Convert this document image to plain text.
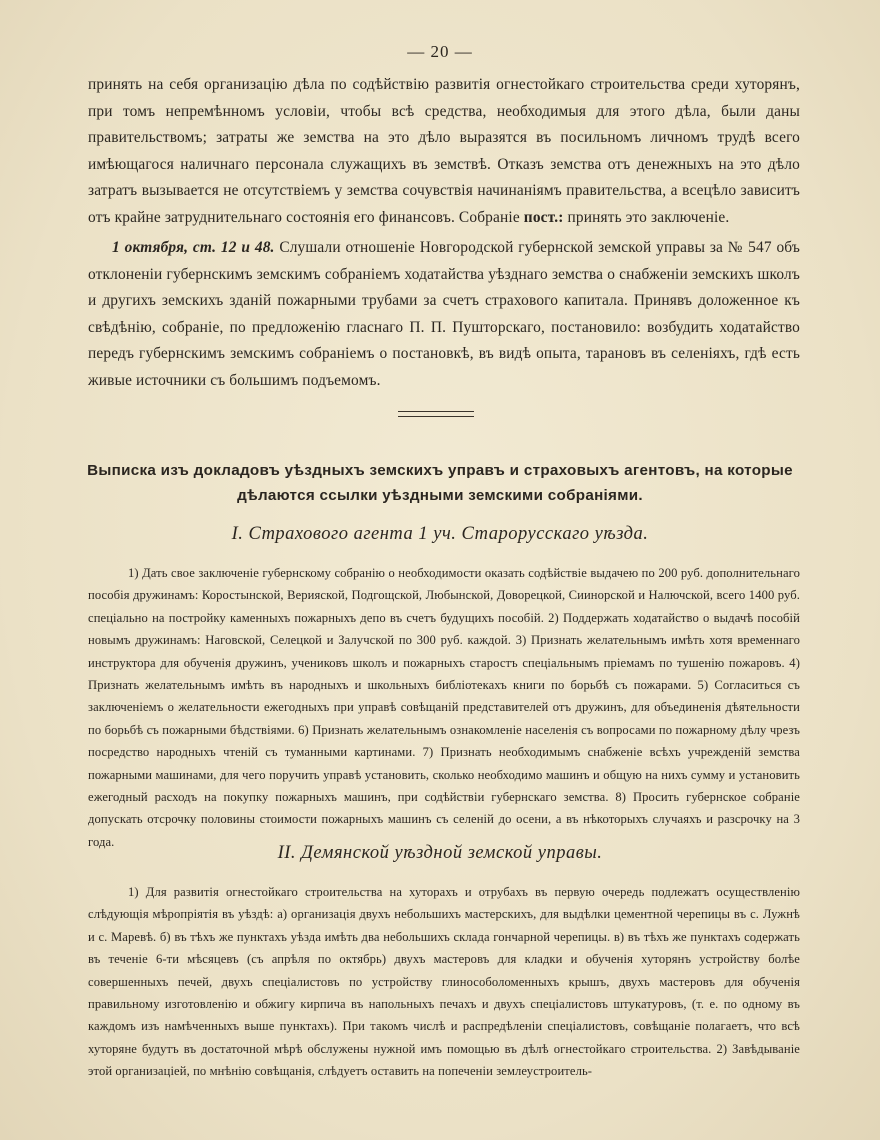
— 20 —
принять на себя организацію дѣла по содѣйствію развитія огнестойкаго строительства среди хуторянъ, при томъ непремѣнномъ условіи, чтобы всѣ средства, необходимыя для этого дѣла, были даны правительствомъ; затраты же земства на это дѣло выразятся въ посильномъ личномъ трудѣ всего имѣющагося наличнаго персонала служащихъ въ земствѣ. Отказъ земства отъ денежныхъ на это дѣло затратъ вызывается не отсутствіемъ у земства сочувствія начинаніямъ правительства, а всецѣло зависитъ отъ крайне затруднительнаго состоянія его финансовъ. Собраніе пост.: принять это заключеніе.
1 октября, ст. 12 и 48. Слушали отношеніе Новгородской губернской земской управы за № 547 объ отклоненіи губернскимъ земскимъ собраніемъ ходатайства уѣзднаго земства о снабженіи земскихъ школъ и другихъ земскихъ зданій пожарными трубами за счетъ страхового капитала. Принявъ доложенное къ свѣдѣнію, собраніе, по предложенію гласнаго П. П. Пушторскаго, постановило: возбудить ходатайство передъ губернскимъ земскимъ собраніемъ о постановкѣ, въ видѣ опыта, тарановъ въ селеніяхъ, гдѣ есть живые источники съ большимъ подъемомъ.
Выписка изъ докладовъ уѣздныхъ земскихъ управъ и страховыхъ агентовъ, на которые дѣлаются ссылки уѣздными земскими собраніями.
I. Страхового агента 1 уч. Старорусскаго уѣзда.
1) Дать свое заключеніе губернскому собранію о необходимости оказать содѣйствіе выдачею по 200 руб. дополнительнаго пособія дружинамъ: Коростынской, Верияской, Подгощской, Любынской, Доворецкой, Сиинорской и Налючской, всего 1400 руб. спеціально на постройку каменныхъ пожарныхъ депо въ счетъ будущихъ пособій. 2) Поддержать ходатайство о выдачѣ пособій новымъ дружинамъ: Наговской, Селецкой и Залучской по 300 руб. каждой. 3) Признать желательнымъ имѣть хотя временнаго инструктора для обученія дружинъ, учениковъ школъ и пожарныхъ старостъ спеціальнымъ пріемамъ по тушенію пожаровъ. 4) Признать желательнымъ имѣть въ народныхъ и школьныхъ библіотекахъ книги по борьбѣ съ пожарами. 5) Согласиться съ заключеніемъ о желательности ежегодныхъ при управѣ совѣщаній представителей отъ дружинъ, для объединенія дѣятельности по борьбѣ съ пожарными бѣдствіями. 6) Признать желательнымъ ознакомленіе населенія съ вопросами по пожарному дѣлу чрезъ посредство народныхъ чтеній съ туманными картинами. 7) Признать необходимымъ снабженіе всѣхъ учрежденій земства пожарными машинами, для чего поручить управѣ установить, сколько необходимо машинъ и общую на нихъ сумму и установить ежегодный расходъ на покупку пожарныхъ машинъ, при содѣйствіи губернскаго земства. 8) Просить губернское собраніе допускать отсрочку половины стоимости пожарныхъ машинъ съ селеній до осени, а въ нѣкоторыхъ случаяхъ и разсрочку на 3 года.
II. Демянской уѣздной земской управы.
1) Для развитія огнестойкаго строительства на хуторахъ и отрубахъ въ первую очередь подлежатъ осуществленію слѣдующія мѣропріятія въ уѣздѣ: а) организація двухъ небольшихъ мастерскихъ, для выдѣлки цементной черепицы въ с. Лужнѣ и с. Маревѣ. б) въ тѣхъ же пунктахъ уѣзда имѣть два небольшихъ склада гончарной черепицы. в) въ тѣхъ же пунктахъ содержать въ теченіе 6-ти мѣсяцевъ (съ апрѣля по октябрь) двухъ мастеровъ для кладки и обученія хуторянъ устройству болѣе совершенныхъ печей, двухъ спеціалистовъ по устройству глинособоломенныхъ крышъ, двухъ мастеровъ для обученія правильному изготовленію и обжигу кирпича въ напольныхъ печахъ и двухъ спеціалистовъ штукатуровъ, (т. е. по одному въ каждомъ изъ намѣченныхъ выше пунктахъ). При такомъ числѣ и распредѣленіи спеціалистовъ, совѣщаніе полагаетъ, что всѣ хуторяне будутъ въ достаточной мѣрѣ обслужены нужной имъ помощью въ дѣлѣ огнестойкаго строительства. 2) Завѣдываніе этой организаціей, по мнѣнію совѣщанія, слѣдуетъ оставить на попеченіи землеустроитель-
